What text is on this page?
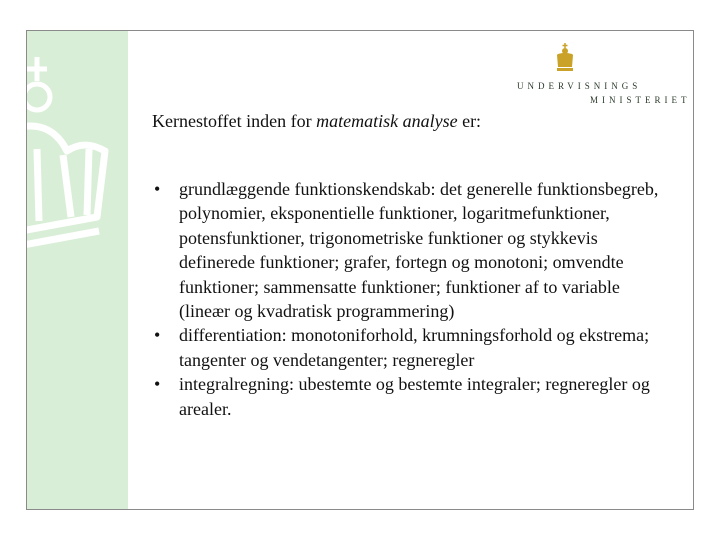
UNDERVISNINGS
MINISTERIET
Kernestoffet inden for matematisk analyse er:
• grundlæggende funktionskendskab: det generelle funktionsbegreb, polynomier, eksponentielle funktioner, logaritmefunktioner, potensfunktioner, trigonometriske funktioner og stykkevis definerede funktioner; grafer, fortegn og monotoni; omvendte funktioner; sammensatte funktioner; funktioner af to variable (lineær og kvadratisk programmering)
• differentiation: monotoniforhold, krumningsforhold og ekstrema; tangenter og vendetangenter; regneregler
• integralregning: ubestemte og bestemte integraler; regneregler og arealer.
